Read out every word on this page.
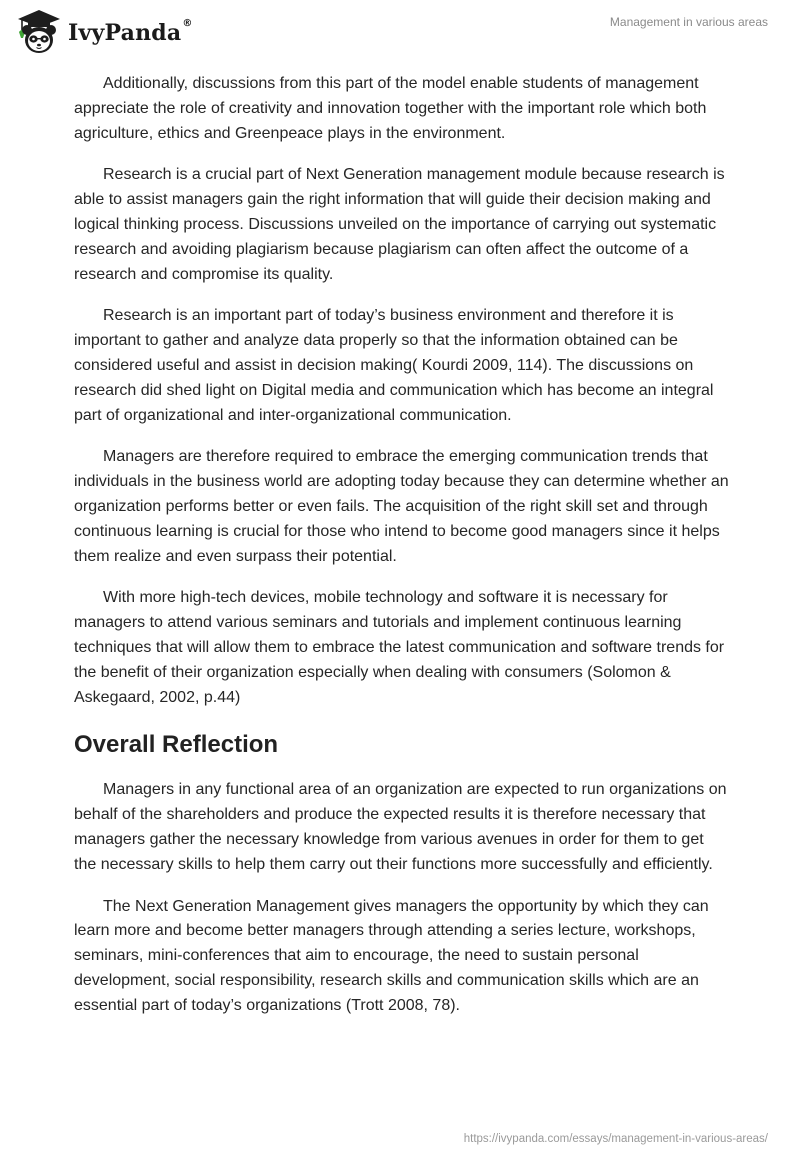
IvyPanda®	Management in various areas

Additionally, discussions from this part of the model enable students of management appreciate the role of creativity and innovation together with the important role which both agriculture, ethics and Greenpeace plays in the environment.

Research is a crucial part of Next Generation management module because research is able to assist managers gain the right information that will guide their decision making and logical thinking process. Discussions unveiled on the importance of carrying out systematic research and avoiding plagiarism because plagiarism can often affect the outcome of a research and compromise its quality.

Research is an important part of today’s business environment and therefore it is important to gather and analyze data properly so that the information obtained can be considered useful and assist in decision making( Kourdi 2009, 114). The discussions on research did shed light on Digital media and communication which has become an integral part of organizational and inter-organizational communication.

Managers are therefore required to embrace the emerging communication trends that individuals in the business world are adopting today because they can determine whether an organization performs better or even fails. The acquisition of the right skill set and through continuous learning is crucial for those who intend to become good managers since it helps them realize and even surpass their potential.

With more high-tech devices, mobile technology and software it is necessary for managers to attend various seminars and tutorials and implement continuous learning techniques that will allow them to embrace the latest communication and software trends for the benefit of their organization especially when dealing with consumers (Solomon & Askegaard, 2002, p.44)

Overall Reflection

Managers in any functional area of an organization are expected to run organizations on behalf of the shareholders and produce the expected results it is therefore necessary that managers gather the necessary knowledge from various avenues in order for them to get the necessary skills to help them carry out their functions more successfully and efficiently.

The Next Generation Management gives managers the opportunity by which they can learn more and become better managers through attending a series lecture, workshops, seminars, mini-conferences that aim to encourage, the need to sustain personal development, social responsibility, research skills and communication skills which are an essential part of today’s organizations (Trott 2008, 78).

https://ivypanda.com/essays/management-in-various-areas/
